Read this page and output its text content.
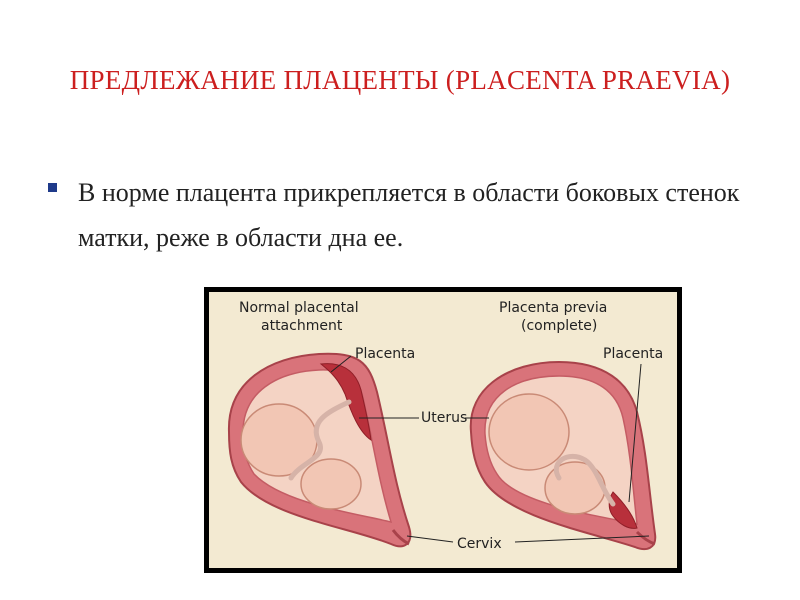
ПРЕДЛЕЖАНИЕ ПЛАЦЕНТЫ (PLACENTA PRAEVIA)
В норме плацента прикрепляется в области боковых стенок матки, реже в области дна ее.
Normal placental
attachment
Placenta previa
(complete)
Placenta	Placenta
Uterus
Cervix
